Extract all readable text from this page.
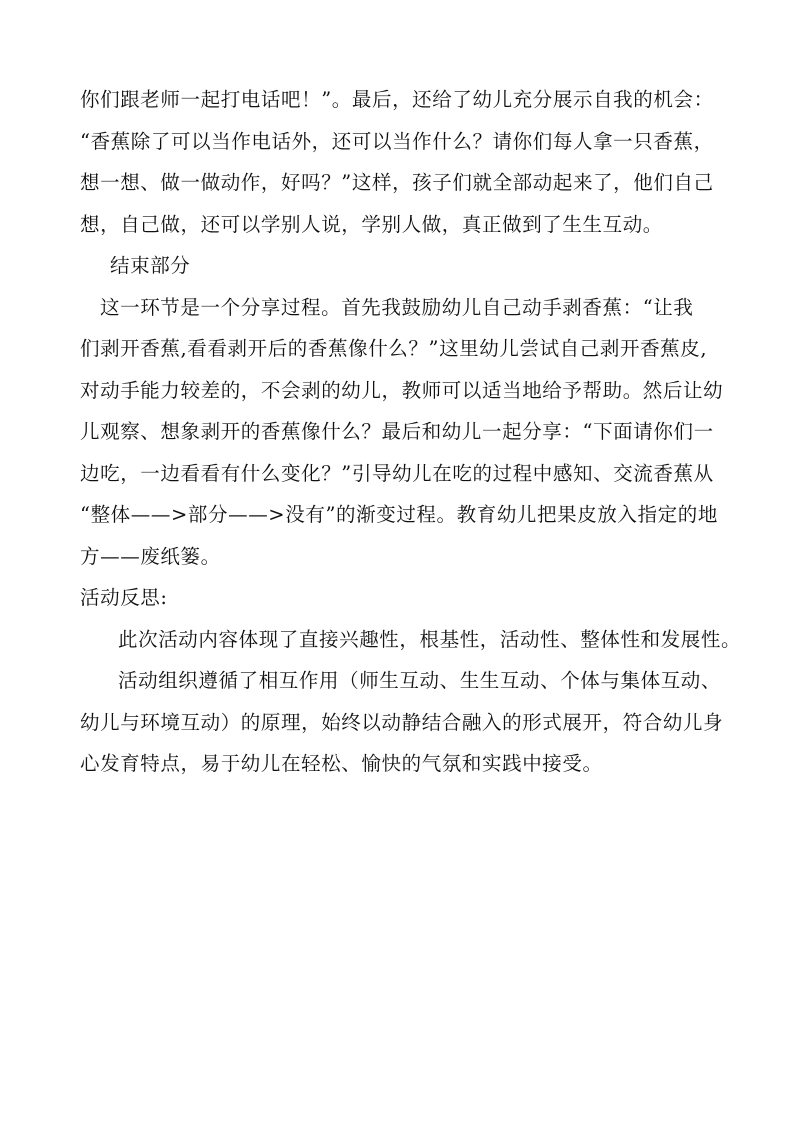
你们跟老师一起打电话吧！”。最后，还给了幼儿充分展示自我的机会：
“香蕉除了可以当作电话外，还可以当作什么？请你们每人拿一只香蕉，
想一想、做一做动作，好吗？”这样，孩子们就全部动起来了，他们自己
想，自己做，还可以学别人说，学别人做，真正做到了生生互动。
结束部分
这一环节是一个分享过程。首先我鼓励幼儿自己动手剥香蕉：“让我
们剥开香蕉,看看剥开后的香蕉像什么？”这里幼儿尝试自己剥开香蕉皮,
对动手能力较差的，不会剥的幼儿，教师可以适当地给予帮助。然后让幼
儿观察、想象剥开的香蕉像什么？最后和幼儿一起分享：“下面请你们一
边吃，一边看看有什么变化？”引导幼儿在吃的过程中感知、交流香蕉从
“整体——>部分——>没有”的渐变过程。教育幼儿把果皮放入指定的地
方——废纸篓。
活动反思:
此次活动内容体现了直接兴趣性，根基性，活动性、整体性和发展性。
活动组织遵循了相互作用（师生互动、生生互动、个体与集体互动、
幼儿与环境互动）的原理，始终以动静结合融入的形式展开，符合幼儿身
心发育特点，易于幼儿在轻松、愉快的气氛和实践中接受。
